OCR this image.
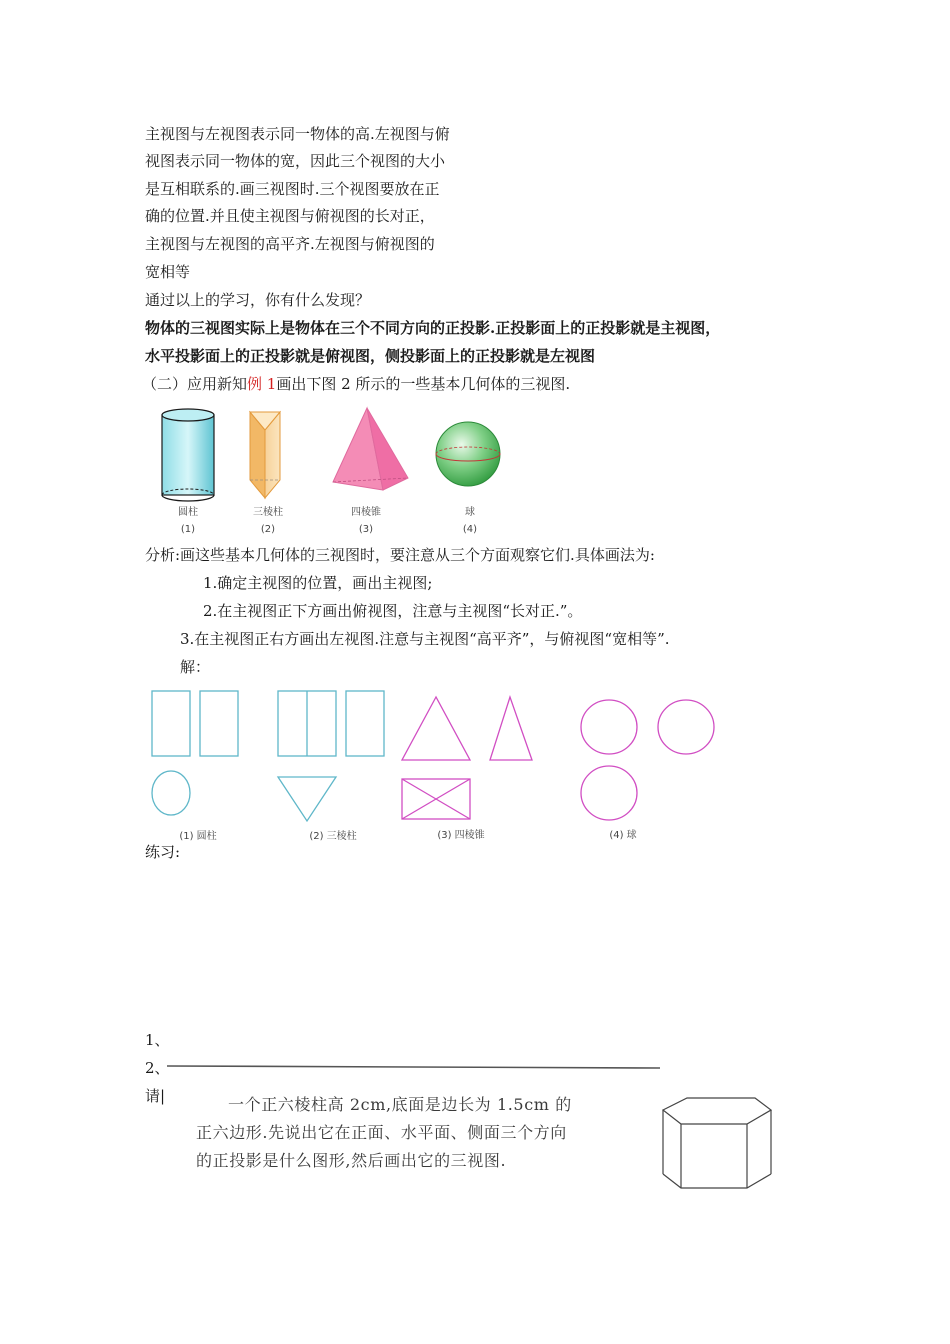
主视图与左视图表示同一物体的高.左视图与俯
视图表示同一物体的宽，因此三个视图的大小
是互相联系的.画三视图时.三个视图要放在正
确的位置.并且使主视图与俯视图的长对正，
主视图与左视图的高平齐.左视图与俯视图的
宽相等
通过以上的学习，你有什么发现？
物体的三视图实际上是物体在三个不同方向的正投影.正投影面上的正投影就是主视图，
水平投影面上的正投影就是俯视图，侧投影面上的正投影就是左视图
（二）应用新知例 1画出下图 2 所示的一些基本几何体的三视图.
圆柱
(1)
三棱柱
(2)
四棱锥
(3)
球
(4)
分析:画这些基本几何体的三视图时，要注意从三个方面观察它们.具体画法为:
1.确定主视图的位置，画出主视图;
2.在主视图正下方画出俯视图，注意与主视图“长对正.”。
3.在主视图正右方画出左视图.注意与主视图“高平齐”，与俯视图“宽相等”.
解：
(1) 圆柱	(2) 三棱柱	(3) 四棱锥	(4) 球
练习:
1、
2、
请|	一个正六棱柱高 2cm,底面是边长为 1.5cm 的
正六边形.先说出它在正面、水平面、侧面三个方向
的正投影是什么图形,然后画出它的三视图.
